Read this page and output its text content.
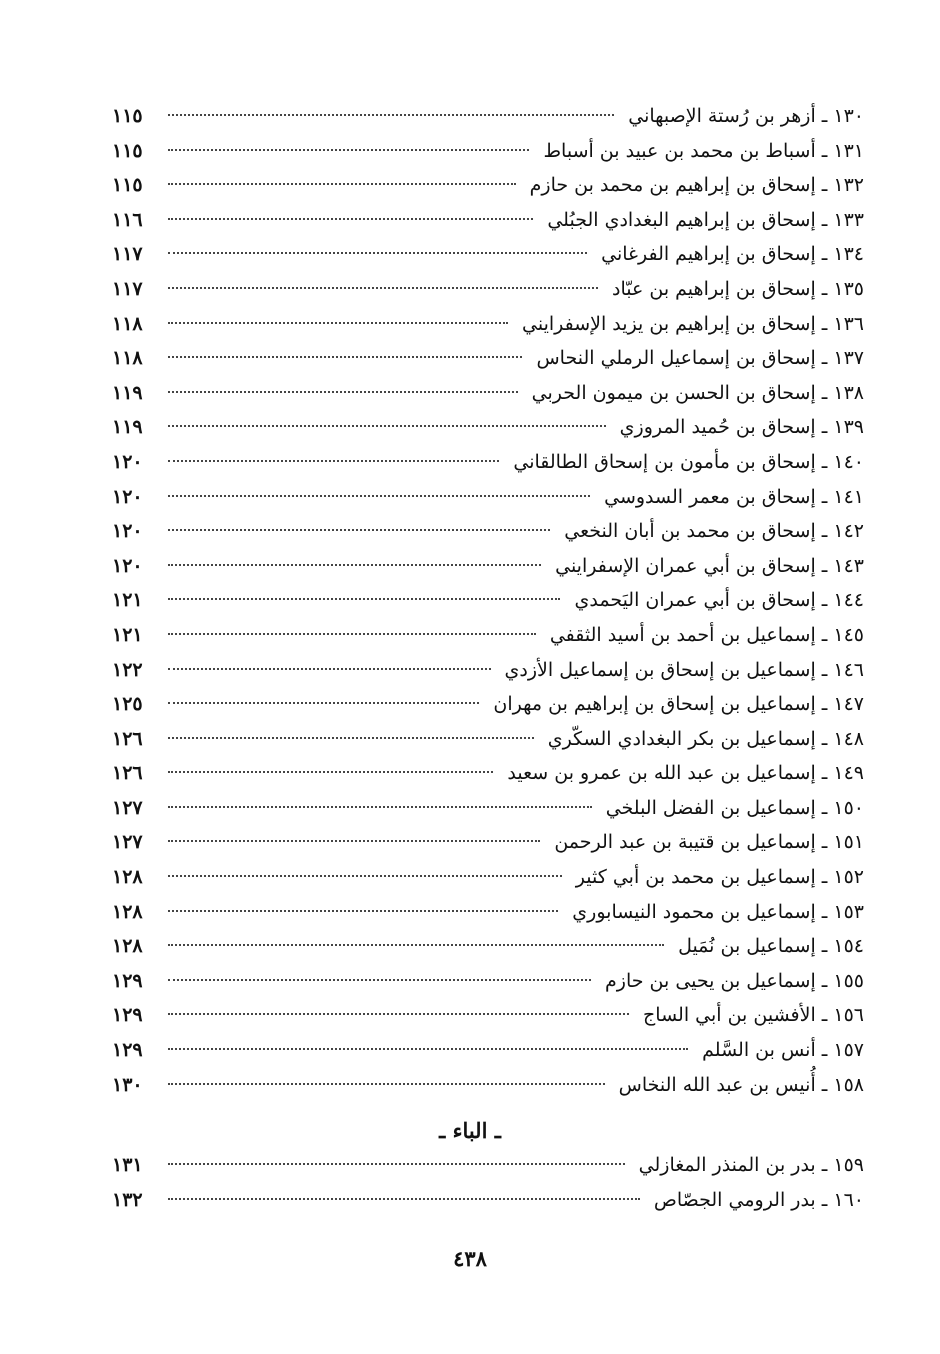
١٣٠ ـ أزهر بن رُستة الإصبهاني
١١٥
١٣١ ـ أسباط بن محمد بن عبيد بن أسباط
١١٥
١٣٢ ـ إسحاق بن إبراهيم بن محمد بن حازم
١١٥
١٣٣ ـ إسحاق بن إبراهيم البغدادي الجبُلي
١١٦
١٣٤ ـ إسحاق بن إبراهيم الفرغاني
١١٧
١٣٥ ـ إسحاق بن إبراهيم بن عبّاد
١١٧
١٣٦ ـ إسحاق بن إبراهيم بن يزيد الإسفرايني
١١٨
١٣٧ ـ إسحاق بن إسماعيل الرملي النحاس
١١٨
١٣٨ ـ إسحاق بن الحسن بن ميمون الحربي
١١٩
١٣٩ ـ إسحاق بن حُميد المروزي
١١٩
١٤٠ ـ إسحاق بن مأمون بن إسحاق الطالقاني
١٢٠
١٤١ ـ إسحاق بن معمر السدوسي
١٢٠
١٤٢ ـ إسحاق بن محمد بن أبان النخعي
١٢٠
١٤٣ ـ إسحاق بن أبي عمران الإسفرايني
١٢٠
١٤٤ ـ إسحاق بن أبي عمران اليَحمدي
١٢١
١٤٥ ـ إسماعيل بن أحمد بن أسيد الثقفي
١٢١
١٤٦ ـ إسماعيل بن إسحاق بن إسماعيل الأزدي
١٢٢
١٤٧ ـ إسماعيل بن إسحاق بن إبراهيم بن مهران
١٢٥
١٤٨ ـ إسماعيل بن بكر البغدادي السكّري
١٢٦
١٤٩ ـ إسماعيل بن عبد الله بن عمرو بن سعيد
١٢٦
١٥٠ ـ إسماعيل بن الفضل البلخي
١٢٧
١٥١ ـ إسماعيل بن قتيبة بن عبد الرحمن
١٢٧
١٥٢ ـ إسماعيل بن محمد بن أبي كثير
١٢٨
١٥٣ ـ إسماعيل بن محمود النيسابوري
١٢٨
١٥٤ ـ إسماعيل بن نُمَيل
١٢٨
١٥٥ ـ إسماعيل بن يحيى بن حازم
١٢٩
١٥٦ ـ الأفشين بن أبي الساج
١٢٩
١٥٧ ـ أنس بن السَّلم
١٢٩
١٥٨ ـ أُنيس بن عبد الله النخاس
١٣٠
ـ الباء ـ
١٥٩ ـ بدر بن المنذر المغازلي
١٣١
١٦٠ ـ بدر الرومي الجصّاص
١٣٢
٤٣٨
